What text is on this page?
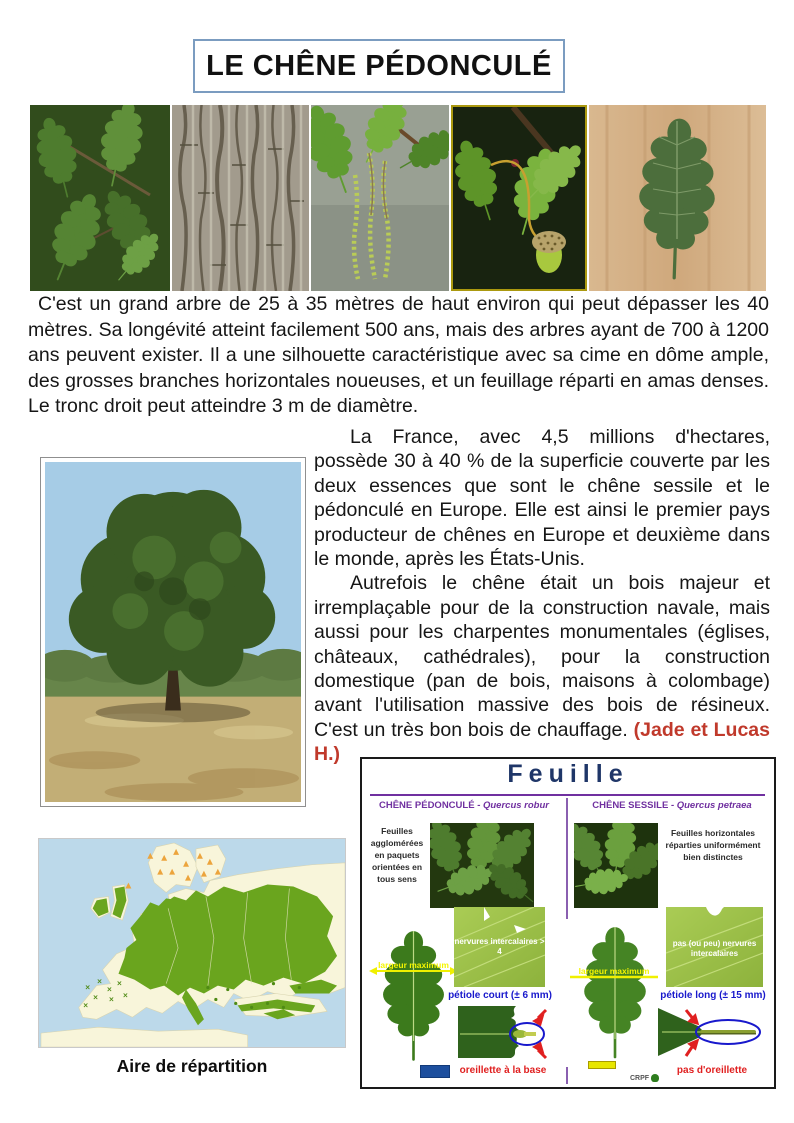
LE CHÊNE PÉDONCULÉ

C'est un grand arbre de 25 à 35 mètres de haut environ qui peut dépasser les 40 mètres. Sa longévité atteint facilement 500 ans, mais des arbres ayant de 700 à 1200 ans peuvent exister. Il a une silhouette caractéristique avec sa cime en dôme ample, des grosses branches horizontales noueuses, et un feuillage réparti en amas denses. Le tronc droit peut atteindre 3 m de diamètre.

La France, avec 4,5 millions d'hectares, possède 30 à 40 % de la superficie couverte par les deux essences que sont le chêne sessile et le pédonculé en Europe. Elle est ainsi le premier pays producteur de chênes en Europe et deuxième dans le monde, après les États-Unis.

Autrefois le chêne était un bois majeur et irremplaçable pour de la construction navale, mais aussi pour les charpentes monumentales (églises, châteaux, cathédrales), pour la construction domestique (pan de bois, maisons à colombage) avant l'utilisation massive des bois de résineux. C'est un très bon bois de chauffage. (Jade et Lucas H.)

×
×
×
×
× ×
×
×
Aire de répartition
Feuille
CHÊNE PÉDONCULÉ - Quercus robur	CHÊNE SESSILE - Quercus petraea
Feuilles agglomérées en paquets orientées en tous sens
largeur maximum
nervures intercalaires > 4
pétiole court (± 6 mm)
oreillette à la base
Feuilles horizontales réparties uniformément bien distinctes
largeur maximum
pas (ou peu) nervures intercalaires
pétiole long (± 15 mm)
pas d'oreillette
CRPF
